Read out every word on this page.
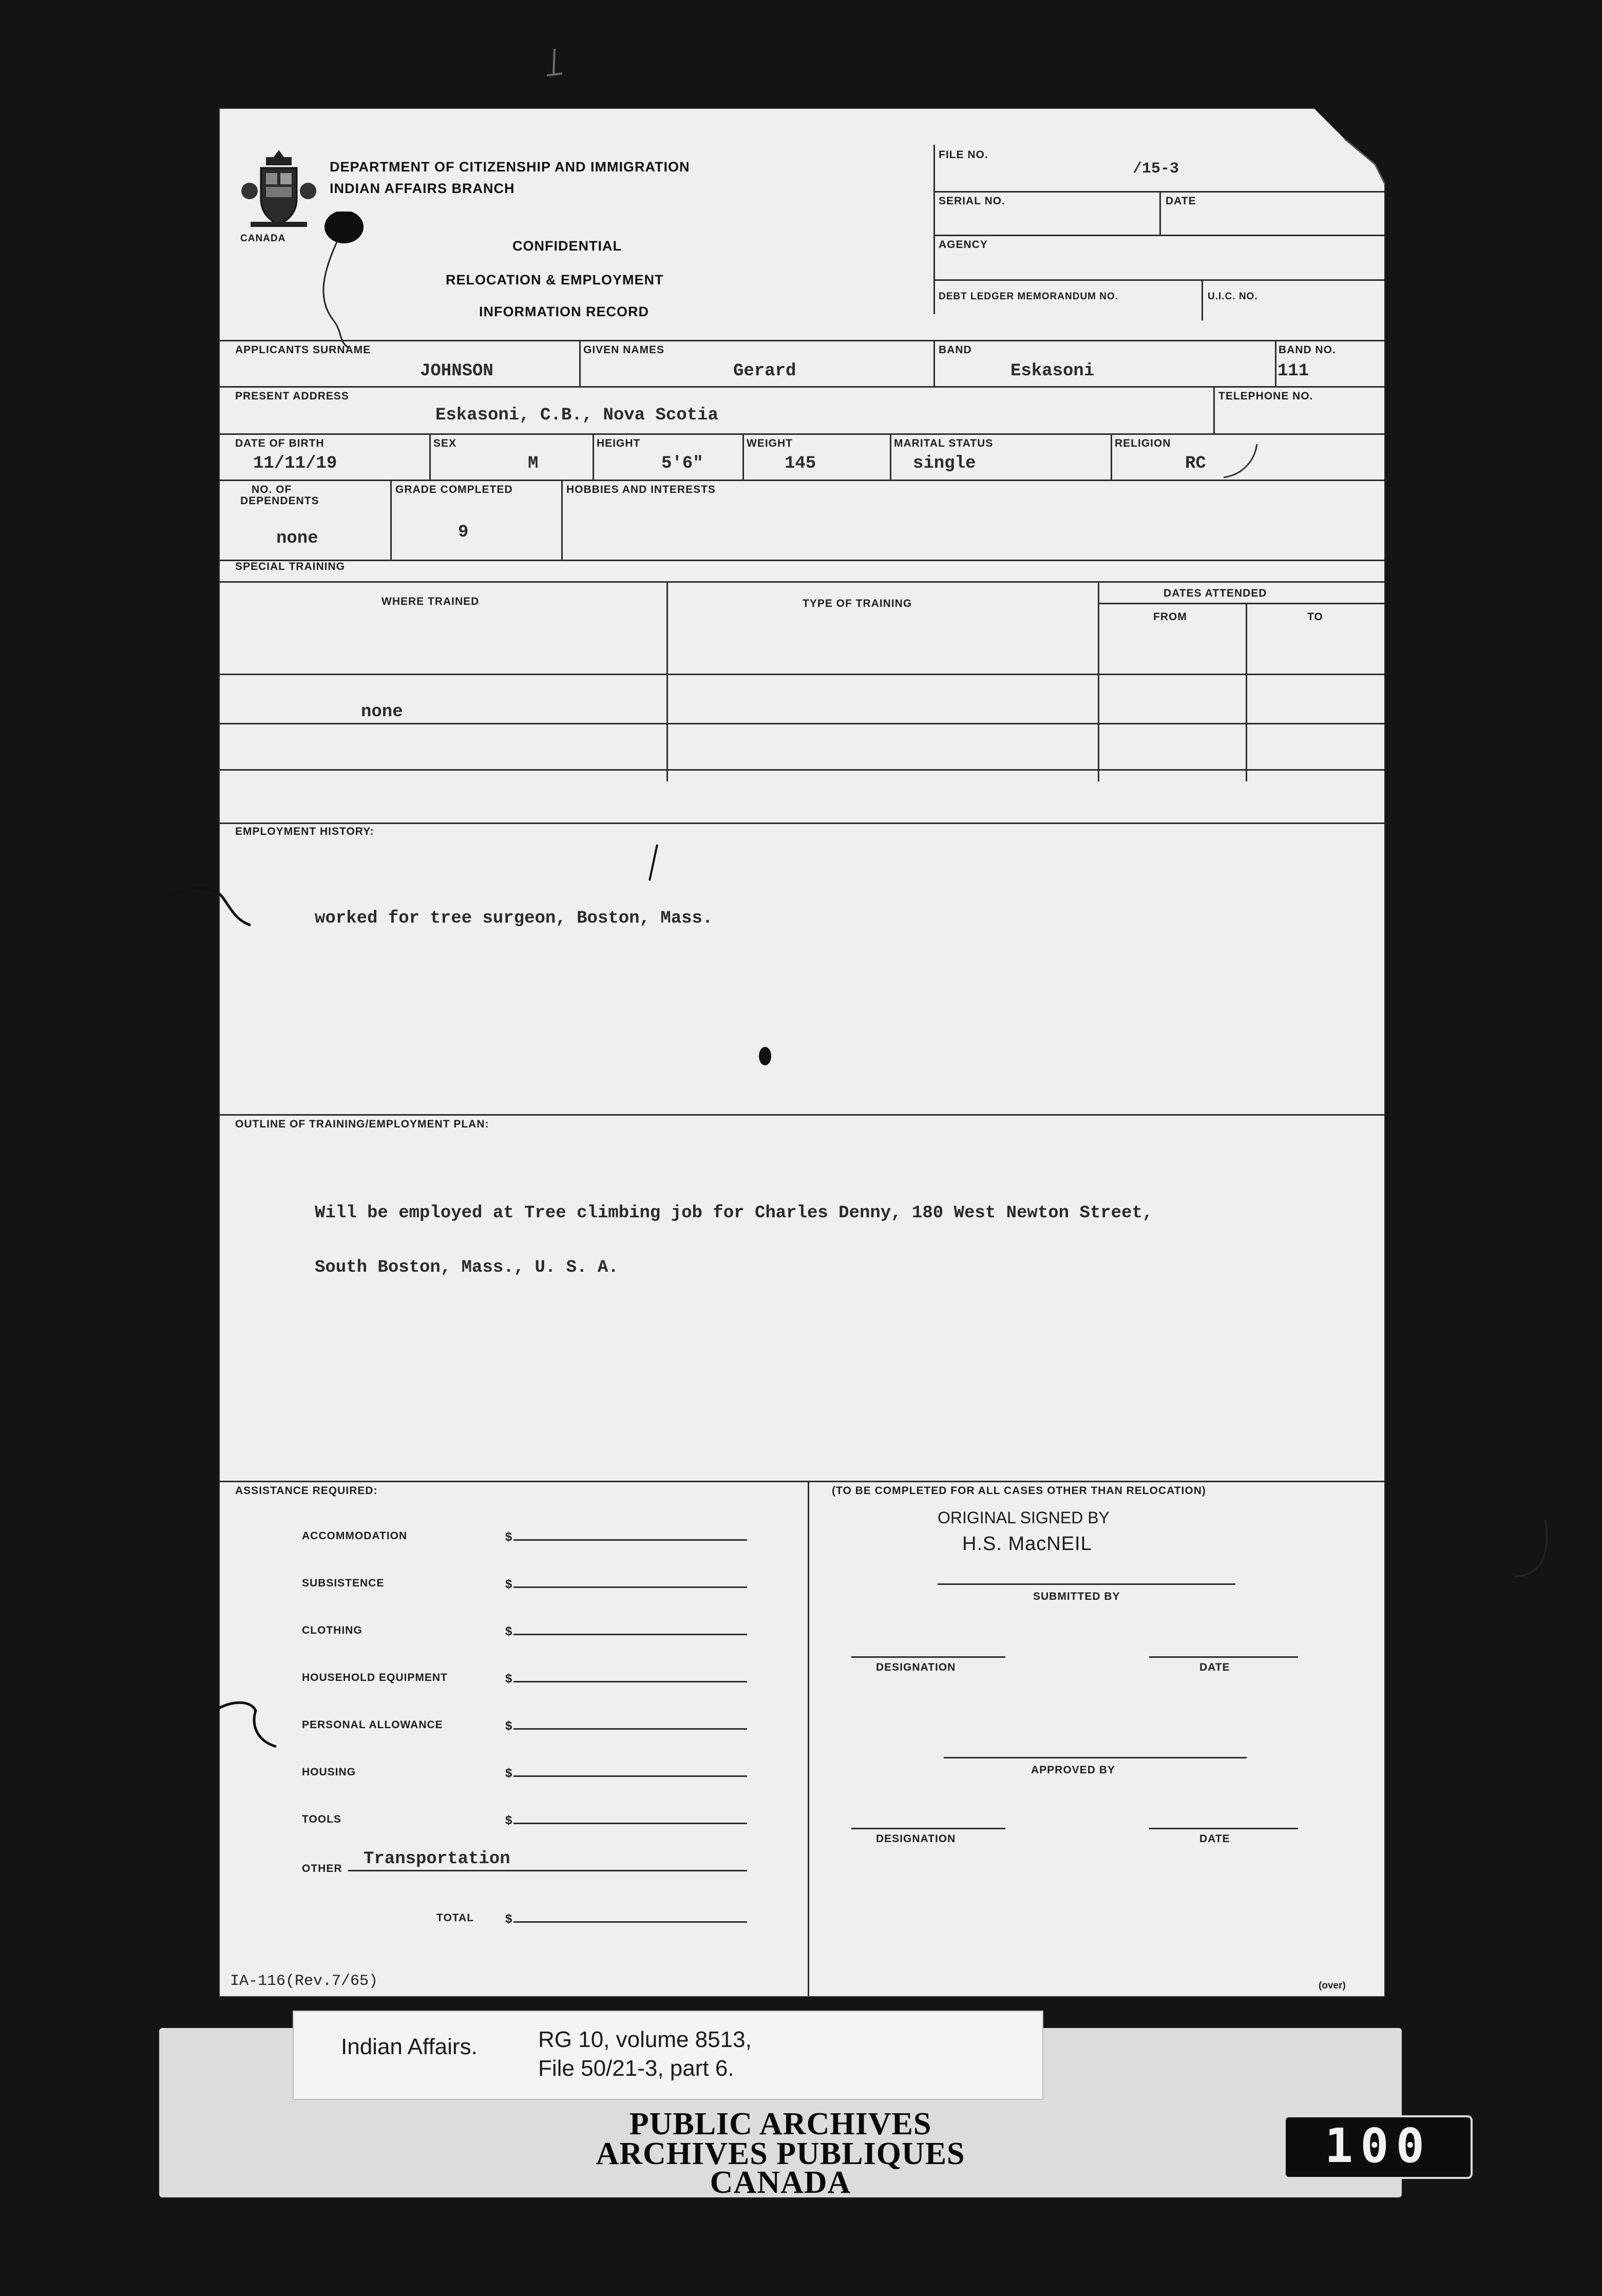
CANADA
DEPARTMENT OF CITIZENSHIP AND IMMIGRATION
INDIAN AFFAIRS BRANCH
CONFIDENTIAL
RELOCATION & EMPLOYMENT
INFORMATION RECORD
FILE NO.
/15-3
SERIAL NO.	DATE
AGENCY
DEBT LEDGER MEMORANDUM NO.	U.I.C. NO.
APPLICANTS SURNAME
JOHNSON
GIVEN NAMES
Gerard
BAND
Eskasoni
BAND NO.
111
PRESENT ADDRESS
Eskasoni, C.B., Nova Scotia
TELEPHONE NO.
DATE OF BIRTH
11/11/19
SEX
M
HEIGHT
5'6"
WEIGHT
145
MARITAL STATUS
single
RELIGION
RC
NO. OF
DEPENDENTS
none
GRADE COMPLETED
9
HOBBIES AND INTERESTS
SPECIAL TRAINING
WHERE TRAINED	TYPE OF TRAINING
DATES ATTENDED
FROM	TO
none
EMPLOYMENT HISTORY:
worked for tree surgeon, Boston, Mass.
OUTLINE OF TRAINING/EMPLOYMENT PLAN:
Will be employed at Tree climbing job for Charles Denny, 180 West Newton Street,
South Boston, Mass., U. S. A.
ASSISTANCE REQUIRED:
ACCOMMODATION	$
SUBSISTENCE	$
CLOTHING	$
HOUSEHOLD EQUIPMENT	$
PERSONAL ALLOWANCE	$
HOUSING	$
TOOLS	$
OTHER Transportation
TOTAL	$
(TO BE COMPLETED FOR ALL CASES OTHER THAN RELOCATION)
ORIGINAL SIGNED BY
H.S. MacNEIL
SUBMITTED BY
DESIGNATION	DATE
APPROVED BY
DESIGNATION	DATE
IA-116(Rev.7/65)	(over)
PUBLIC ARCHIVES
ARCHIVES PUBLIQUES
CANADA
Indian Affairs.	RG 10, volume 8513,
File 50/21-3, part 6.
100
